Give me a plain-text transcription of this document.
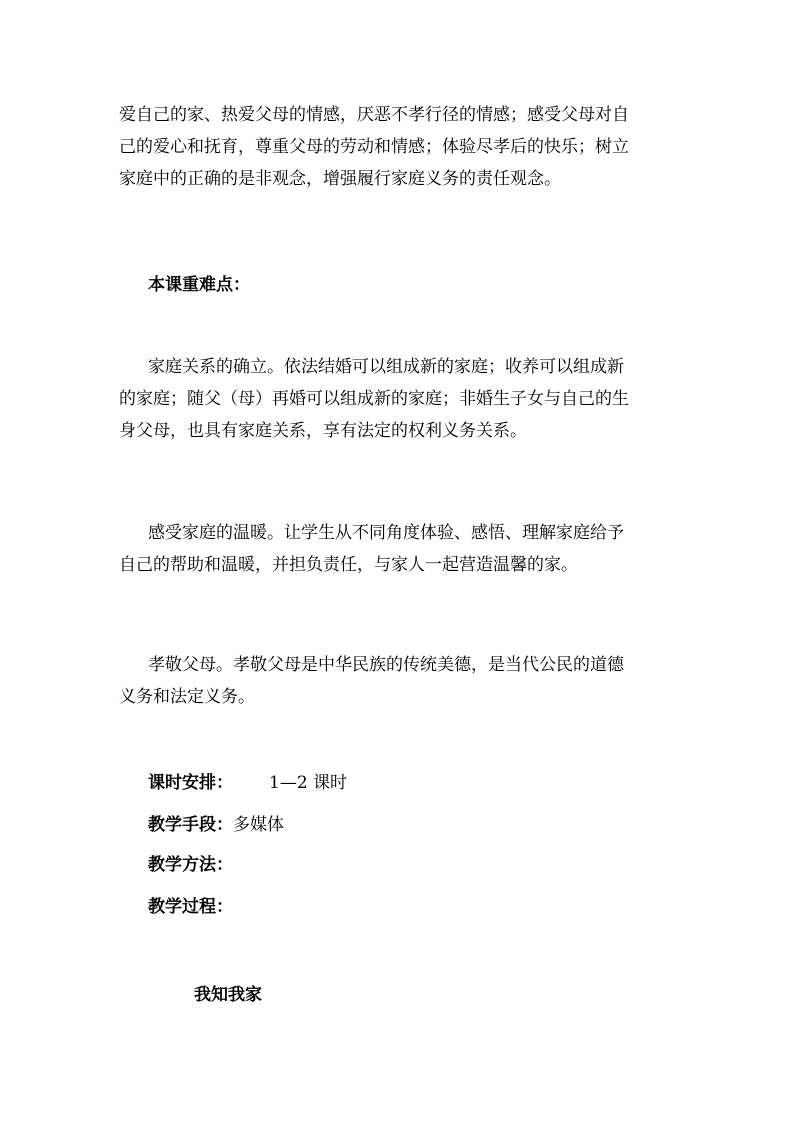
爱自己的家、热爱父母的情感，厌恶不孝行径的情感；感受父母对自
己的爱心和抚育，尊重父母的劳动和情感；体验尽孝后的快乐；树立
家庭中的正确的是非观念，增强履行家庭义务的责任观念。

本课重难点：

家庭关系的确立。依法结婚可以组成新的家庭；收养可以组成新
的家庭；随父（母）再婚可以组成新的家庭；非婚生子女与自己的生
身父母，也具有家庭关系，享有法定的权利义务关系。

感受家庭的温暖。让学生从不同角度体验、感悟、理解家庭给予
自己的帮助和温暖，并担负责任，与家人一起营造温馨的家。

孝敬父母。孝敬父母是中华民族的传统美德，是当代公民的道德
义务和法定义务。

课时安排： 1—2 课时
教学手段：多媒体
教学方法：
教学过程：
我知我家
